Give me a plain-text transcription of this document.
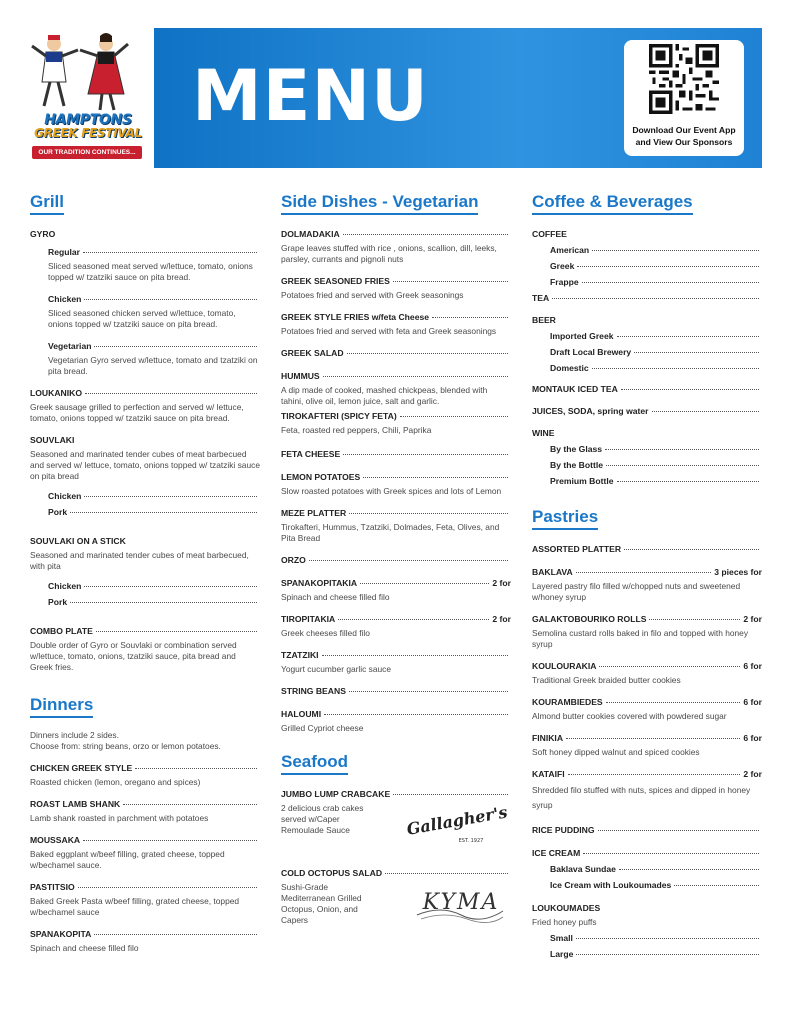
HAMPTONS
GREEK FESTIVAL
OUR TRADITION CONTINUES...
MENU	Download Our Event App
and View Our Sponsors
Grill
GYRO
Regular
Sliced seasoned meat served w/lettuce, tomato, onions topped w/ tzatziki sauce on pita bread.
Chicken
Sliced seasoned chicken served w/lettuce, tomato, onions topped w/ tzatziki sauce on pita bread.
Vegetarian
Vegetarian Gyro served w/lettuce, tomato and tzatziki on pita bread.
LOUKANIKO
Greek sausage grilled to perfection and served w/ lettuce, tomato, onions topped w/ tzatziki sauce on pita bread.
SOUVLAKI
Seasoned and marinated tender cubes of meat barbecued and served w/ lettuce, tomato, onions topped w/ tzatziki sauce on pita bread
Chicken
Pork
SOUVLAKI ON A STICK
Seasoned and marinated tender cubes of meat barbecued, with pita
Chicken
Pork
COMBO PLATE
Double order of Gyro or Souvlaki or combination served w/lettuce, tomato, onions, tzatziki sauce, pita bread and Greek fries.
Dinners
Dinners include 2 sides.
Choose from: string beans, orzo or lemon potatoes.
CHICKEN GREEK STYLE
Roasted chicken (lemon, oregano and spices)
ROAST LAMB SHANK
Lamb shank roasted in parchment with potatoes
MOUSSAKA
Baked eggplant w/beef filling, grated cheese, topped w/bechamel sauce.
PASTITSIO
Baked Greek Pasta w/beef filling, grated cheese, topped w/bechamel sauce
SPANAKOPITA
Spinach and cheese filled filo
Side Dishes - Vegetarian
DOLMADAKIA
Grape leaves stuffed with rice , onions, scallion, dill, leeks, parsley, currants and pignoli nuts
GREEK SEASONED FRIES
Potatoes fried and served with Greek seasonings
GREEK STYLE FRIES w/feta Cheese
Potatoes fried and served with feta and Greek seasonings
GREEK SALAD
HUMMUS
A dip made of cooked, mashed chickpeas, blended with tahini, olive oil, lemon juice, salt and garlic.
TIROKAFTERI (SPICY FETA)
Feta, roasted red peppers, Chili, Paprika
FETA CHEESE
LEMON POTATOES
Slow roasted potatoes with Greek spices and lots of Lemon
MEZE PLATTER
Tirokafteri, Hummus, Tzatziki, Dolmades, Feta, Olives, and Pita Bread
ORZO
SPANAKOPITAKIA	2 for
Spinach and cheese filled filo
TIROPITAKIA	2 for
Greek cheeses filled filo
TZATZIKI
Yogurt cucumber garlic sauce
STRING BEANS
HALOUMI
Grilled Cypriot cheese
Seafood
JUMBO LUMP CRABCAKE
2 delicious crab cakes served w/Caper Remoulade Sauce	Gallagher's
EST. 1927
COLD OCTOPUS SALAD
Sushi-Grade Mediterranean Grilled Octopus, Onion, and Capers
KYMA
Coffee & Beverages
COFFEE
American
Greek
Frappe
TEA
BEER
Imported Greek
Draft Local Brewery
Domestic
MONTAUK ICED TEA
JUICES, SODA, spring water
WINE
By the Glass
By the Bottle
Premium Bottle
Pastries
ASSORTED PLATTER
BAKLAVA	3 pieces for
Layered pastry filo filled w/chopped nuts and sweetened w/honey syrup
GALAKTOBOURIKO ROLLS	2 for
Semolina custard rolls baked in filo and topped with honey syrup
KOULOURAKIA	6 for
Traditional Greek braided butter cookies
KOURAMBIEDES	6 for
Almond butter cookies covered with powdered sugar
FINIKIA	6 for
Soft honey dipped walnut and spiced cookies
KATAIFI	2 for
Shredded filo stuffed with nuts, spices and dipped in honey syrup
RICE PUDDING
ICE CREAM
Baklava Sundae
Ice Cream with Loukoumades
LOUKOUMADES
Fried honey puffs
Small
Large
